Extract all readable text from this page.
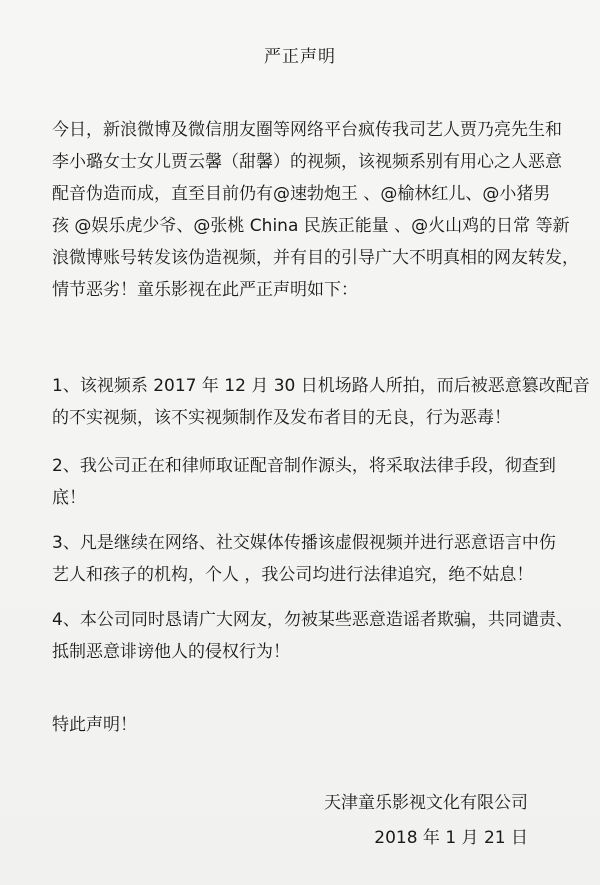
严正声明
今日，新浪微博及微信朋友圈等网络平台疯传我司艺人贾乃亮先生和
李小璐女士女儿贾云馨（甜馨）的视频，该视频系别有用心之人恶意
配音伪造而成，直至目前仍有@速勃炮王 、@榆林红儿、@小猪男
孩 @娱乐虎少爷、@张桃 China 民族正能量 、@火山鸡的日常 等新
浪微博账号转发该伪造视频，并有目的引导广大不明真相的网友转发，
情节恶劣！童乐影视在此严正声明如下：
1、该视频系 2017 年 12 月 30 日机场路人所拍，而后被恶意篡改配音
的不实视频，该不实视频制作及发布者目的无良，行为恶毒！
2、我公司正在和律师取证配音制作源头，将采取法律手段，彻查到
底！
3、凡是继续在网络、社交媒体传播该虚假视频并进行恶意语言中伤
艺人和孩子的机构，个人 ，我公司均进行法律追究，绝不姑息！
4、本公司同时恳请广大网友，勿被某些恶意造谣者欺骗，共同谴责、
抵制恶意诽谤他人的侵权行为！
特此声明！
天津童乐影视文化有限公司
2018 年 1 月 21 日
